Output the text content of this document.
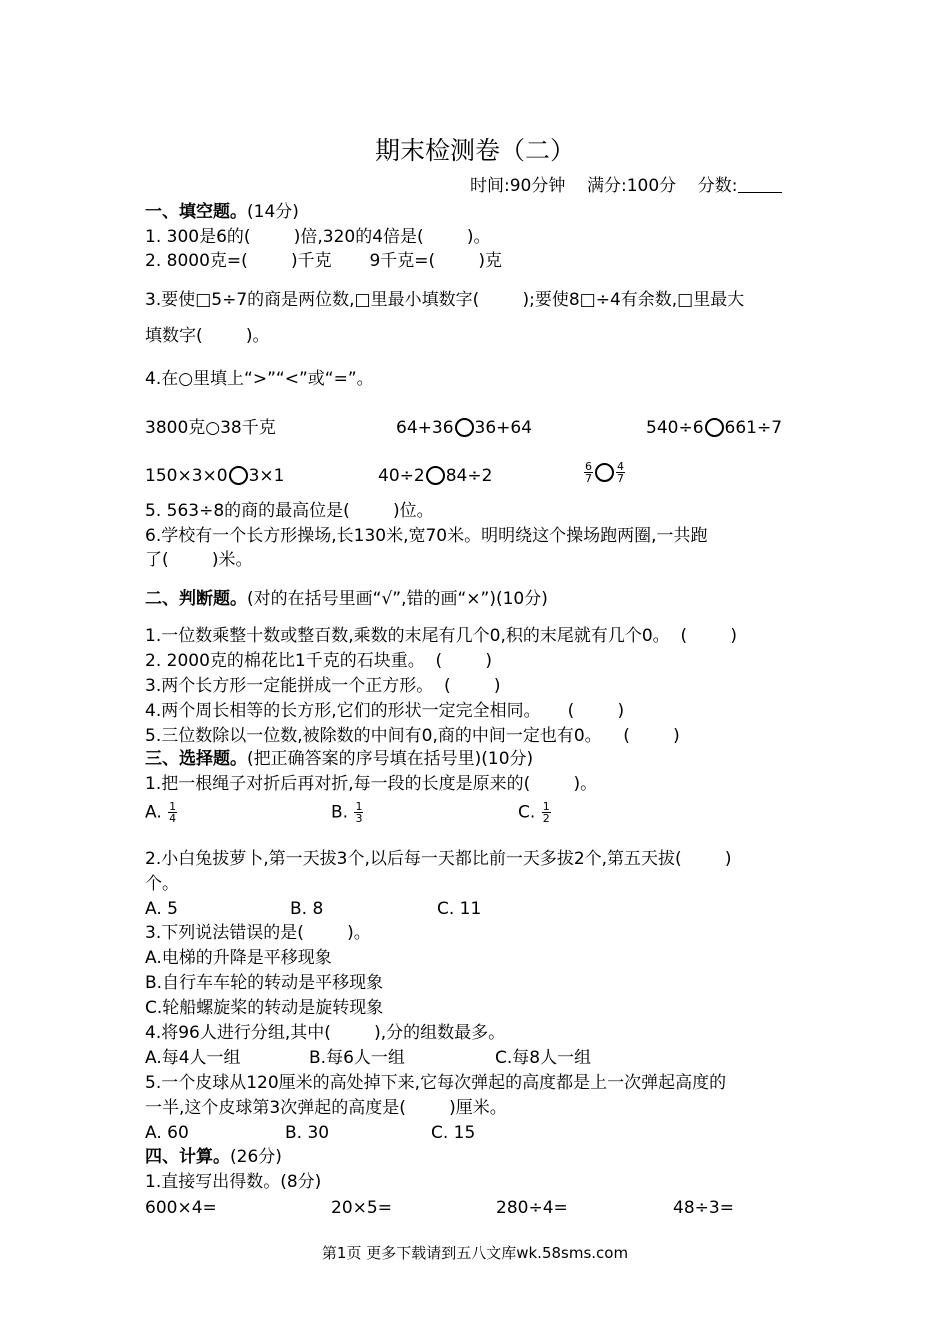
期末检测卷（二）
时间:90分钟    满分:100分    分数:
一、填空题。(14分)
1. 300是6的(        )倍,320的4倍是(        )。
2. 8000克=(        )千克       9千克=(        )克
3.要使□5÷7的商是两位数,□里最小填数字(        );要使8□÷4有余数,□里最大
填数字(        )。
4.在○里填上“>”“<”或“=”。
3800克○38千克	64+36 36+64	540÷6 661÷7
150×3×0 3×1	40÷2 84÷2	$\frac{6}{7} \frac{4}{7}$
5. 563÷8的商的最高位是(        )位。
6.学校有一个长方形操场,长130米,宽70米。明明绕这个操场跑两圈,一共跑
了(        )米。
二、判断题。(对的在括号里画“√”,错的画“×”)(10分)
1.一位数乘整十数或整百数,乘数的末尾有几个0,积的末尾就有几个0。  (        )
2. 2000克的棉花比1千克的石块重。  (        )
3.两个长方形一定能拼成一个正方形。  (        )
4.两个周长相等的长方形,它们的形状一定完全相同。     (        )
5.三位数除以一位数,被除数的中间有0,商的中间一定也有0。    (        )
三、选择题。(把正确答案的序号填在括号里)(10分)
1.把一根绳子对折后再对折,每一段的长度是原来的(        )。
A. $\frac{1}{4}$	B. $\frac{1}{3}$	C. $\frac{1}{2}$
2.小白兔拔萝卜,第一天拔3个,以后每一天都比前一天多拔2个,第五天拔(        )
个。
A. 5	B. 8	C. 11
3.下列说法错误的是(        )。
A.电梯的升降是平移现象
B.自行车车轮的转动是平移现象
C.轮船螺旋桨的转动是旋转现象
4.将96人进行分组,其中(        ),分的组数最多。
A.每4人一组	B.每6人一组	C.每8人一组
5.一个皮球从120厘米的高处掉下来,它每次弹起的高度都是上一次弹起高度的
一半,这个皮球第3次弹起的高度是(        )厘米。
A. 60	B. 30	C. 15
四、计算。(26分)
1.直接写出得数。(8分)
600×4=	20×5=	280÷4=	48÷3=
第1页 更多下载请到五八文库wk.58sms.com
